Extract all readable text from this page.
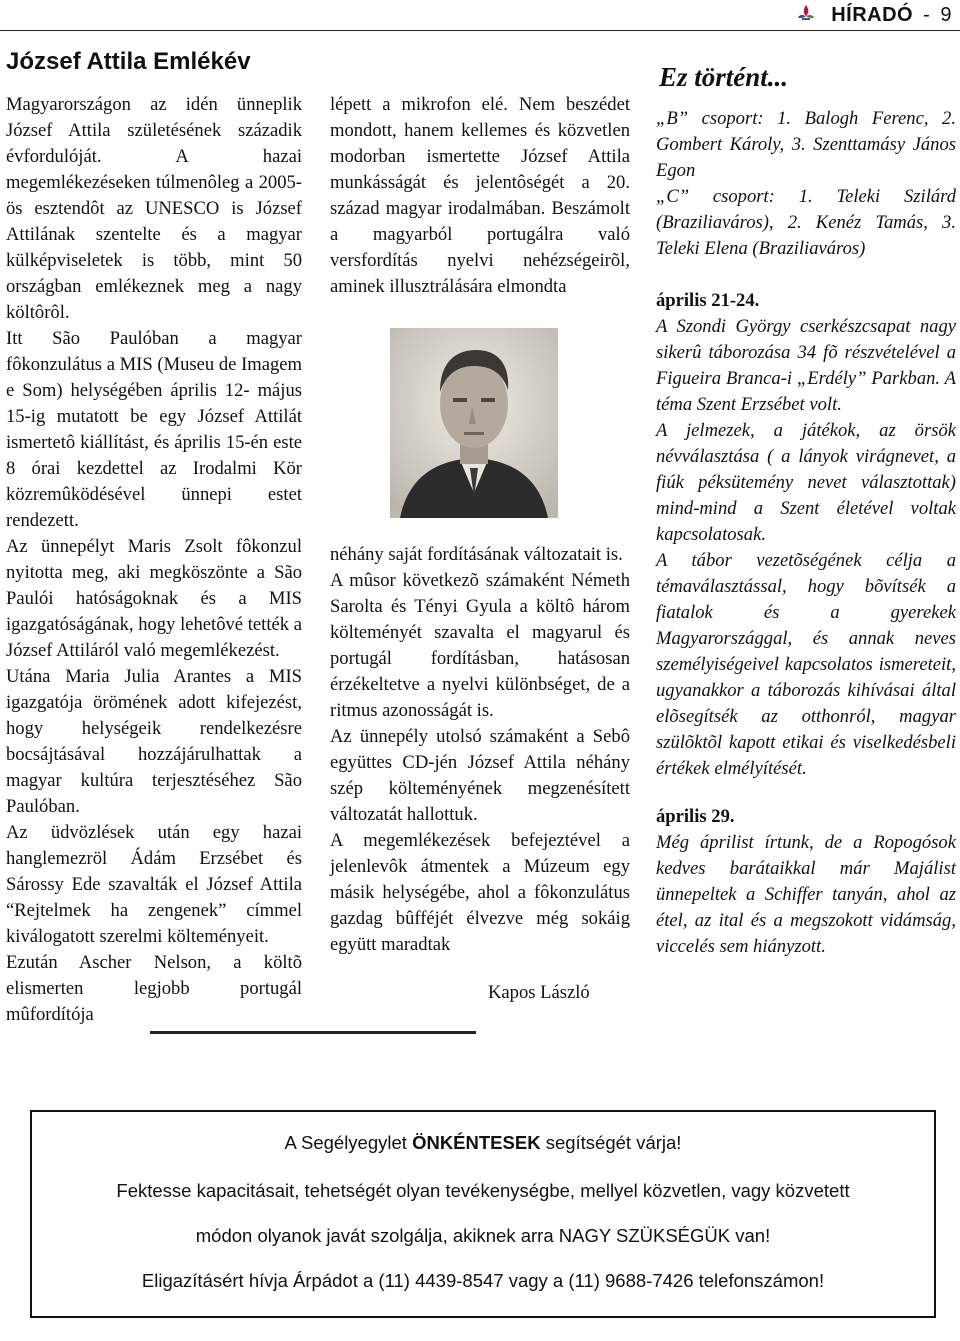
HÍRADÓ - 9
József Attila Emlékév

Magyarországon az idén ünneplik József Attila születésének századik évfordulóját. A hazai megemlékezéseken túlmenôleg a 2005-ös esztendôt az UNESCO is József Attilának szentelte és a magyar külképviseletek is több, mint 50 országban emlékeznek meg a nagy költôrôl.

Itt São Paulóban a magyar fôkonzulátus a MIS (Museu de Imagem e Som) helységében április 12- május 15-ig mutatott be egy József Attilát ismertetô kiállítást, és április 15-én este 8 órai kezdettel az Irodalmi Kör közremûködésével ünnepi estet rendezett.

Az ünnepélyt Maris Zsolt fôkonzul nyitotta meg, aki megköszönte a São Paulói hatóságoknak és a MIS igazgatóságának, hogy lehetôvé tették a József Attiláról való megemlékezést.

Utána Maria Julia Arantes a MIS igazgatója örömének adott kifejezést, hogy helységeik rendelkezésre bocsájtásával hozzájárulhattak a magyar kultúra terjesztéséhez São Paulóban.

Az üdvözlések után egy hazai hanglemezröl Ádám Erzsébet és Sárossy Ede szavalták el József Attila “Rejtelmek ha zengenek” címmel kiválogatott szerelmi költeményeit.

Ezután Ascher Nelson, a költõ elismerten legjobb portugál mûfordítója

lépett a mikrofon elé. Nem beszédet mondott, hanem kellemes és közvetlen modorban ismertette József Attila munkásságát és jelentôségét a 20. század magyar irodalmában. Beszámolt a magyarból portugálra való versfordítás nyelvi nehézségeirõl, aminek illusztrálására elmondta

néhány saját fordításának változatait is.

A mûsor következõ számaként Németh Sarolta és Tényi Gyula a költô három költeményét szavalta el magyarul és portugál fordításban, hatásosan érzékeltetve a nyelvi különbséget, de a ritmus azonosságát is.

Az ünnepély utolsó számaként a Sebô együttes CD-jén József Attila néhány szép költeményének megzenésített változatát hallottuk.

A megemlékezések befejeztével a jelenlevôk átmentek a Múzeum egy másik helységébe, ahol a fôkonzulátus gazdag bûfféjét élvezve még sokáig együtt maradtak

Kapos László
Ez történt...

„B” csoport: 1. Balogh Ferenc, 2. Gombert Károly, 3. Szenttamásy János Egon

„C” csoport: 1. Teleki Szilárd (Braziliaváros), 2. Kenéz Tamás, 3. Teleki Elena (Braziliaváros)

április 21-24.

A Szondi György cserkészcsapat nagy sikerû táborozása 34 fõ részvételével a Figueira Branca-i „Erdély” Parkban. A téma Szent Erzsébet volt.

A jelmezek, a játékok, az örsök névválasztása ( a lányok virágnevet, a fiúk péksütemény nevet választottak) mind-mind a Szent életével voltak kapcsolatosak.

A tábor vezetõségének célja a témaválasztással, hogy bõvítsék a fiatalok és a gyerekek Magyarországgal, és annak neves személyiségeivel kapcsolatos ismereteit, ugyanakkor a táborozás kihívásai által elõsegítsék az otthonról, magyar szülõktõl kapott etikai és viselkedésbeli értékek elmélyítését.

április 29.

Még áprilist írtunk, de a Ropogósok kedves barátaikkal már Majálist ünnepeltek a Schiffer tanyán, ahol az étel, az ital és a megszokott vidámság, viccelés sem hiányzott.

A Segélyegylet ÖNKÉNTESEK segítségét várja!
Fektesse kapacitásait, tehetségét olyan tevékenységbe, mellyel közvetlen, vagy közvetett
módon olyanok javát szolgálja, akiknek arra NAGY SZÜKSÉGÜK van!
Eligazításért hívja Árpádot a (11) 4439-8547 vagy a (11) 9688-7426 telefonszámon!
